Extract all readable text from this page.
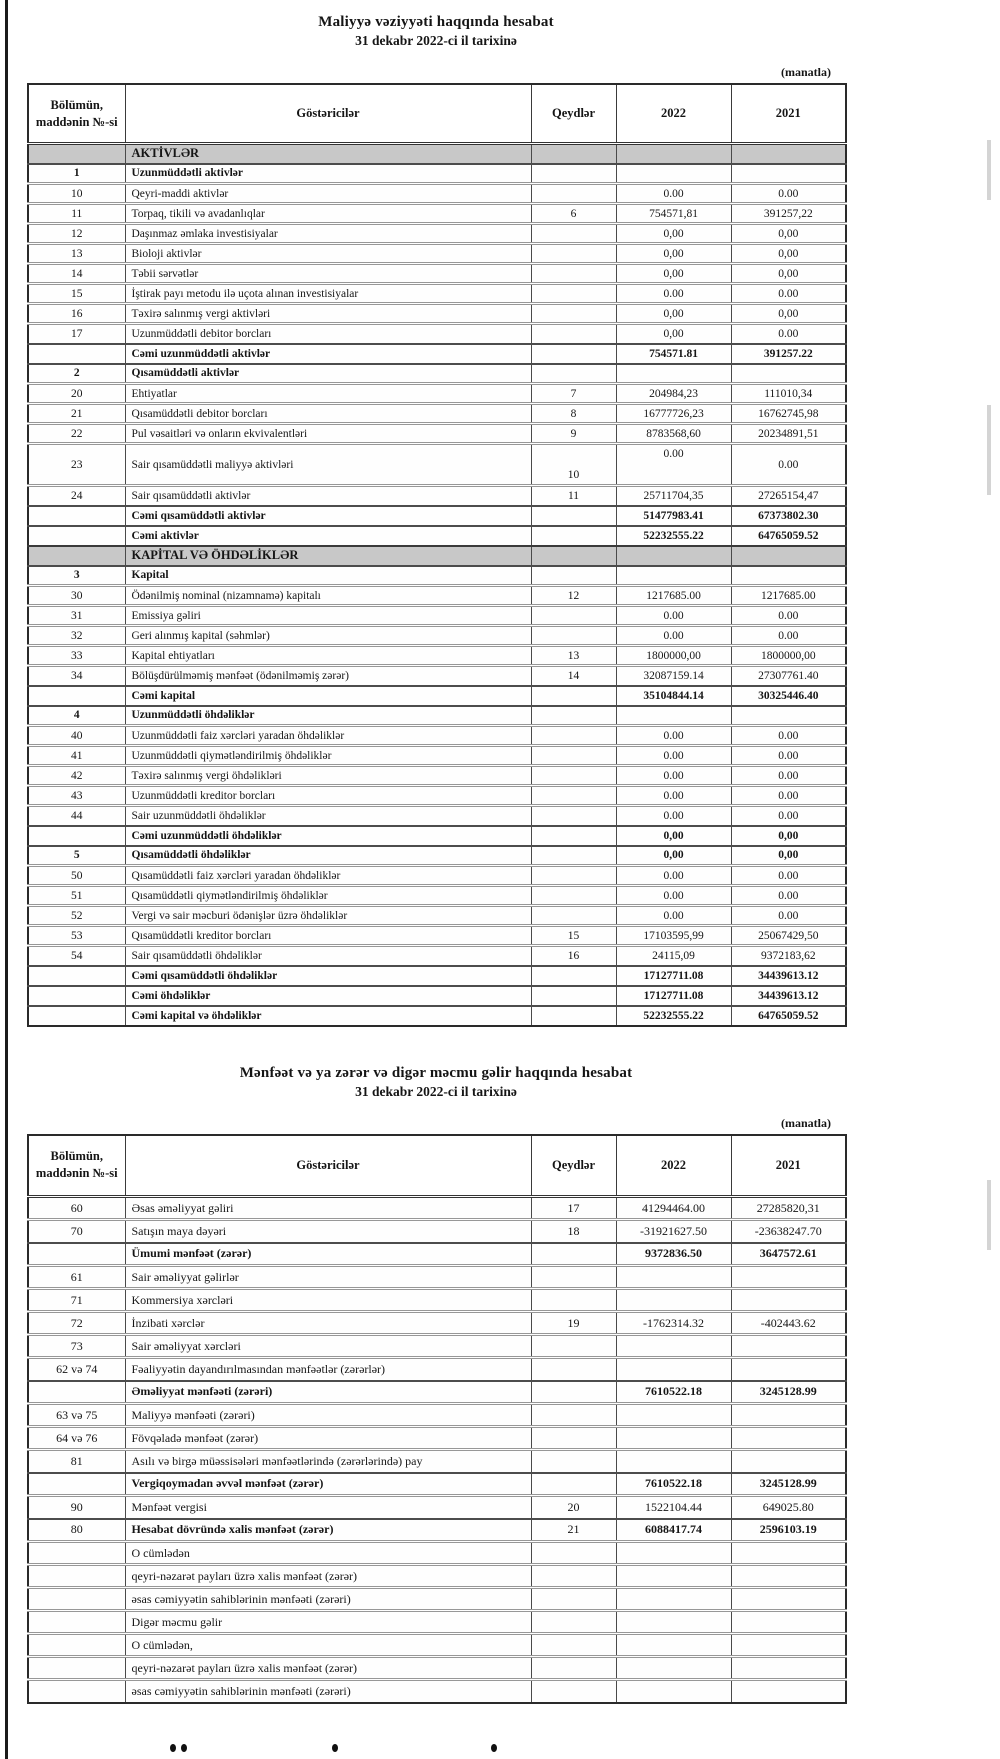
Maliyyə vəziyyəti haqqında hesabat

31 dekabr 2022-ci il tarixinə

(manatla)
Bölümün, maddənin №-si	Göstəricilər	Qeydlər	2022	2021
	AKTİVLƏR			
1	Uzunmüddətli aktivlər			
10	Qeyri-maddi aktivlər		0.00	0.00
11	Torpaq, tikili və avadanlıqlar	6	754571,81	391257,22
12	Daşınmaz əmlaka investisiyalar		0,00	0,00
13	Bioloji aktivlər		0,00	0,00
14	Təbii sərvətlər		0,00	0,00
15	İştirak payı metodu ilə uçota alınan investisiyalar		0.00	0.00
16	Təxirə salınmış vergi aktivləri		0,00	0,00
17	Uzunmüddətli debitor borcları		0,00	0.00
	Cəmi uzunmüddətli aktivlər		754571.81	391257.22
2	Qısamüddətli aktivlər			
20	Ehtiyatlar	7	204984,23	111010,34
21	Qısamüddətli debitor borcları	8	16777726,23	16762745,98
22	Pul vəsaitləri və onların ekvivalentləri	9	8783568,60	20234891,51
23	Sair qısamüddətli maliyyə aktivləri	10	0.00	0.00
24	Sair qısamüddətli aktivlər	11	25711704,35	27265154,47
	Cəmi qısamüddətli aktivlər		51477983.41	67373802.30
	Cəmi aktivlər		52232555.22	64765059.52
	KAPİTAL VƏ ÖHDƏLİKLƏR			
3	Kapital			
30	Ödənilmiş nominal (nizamnamə) kapitalı	12	1217685.00	1217685.00
31	Emissiya gəliri		0.00	0.00
32	Geri alınmış kapital (səhmlər)		0.00	0.00
33	Kapital ehtiyatları	13	1800000,00	1800000,00
34	Bölüşdürülməmiş mənfəət (ödənilməmiş zərər)	14	32087159.14	27307761.40
	Cəmi kapital		35104844.14	30325446.40
4	Uzunmüddətli öhdəliklər			
40	Uzunmüddətli faiz xərcləri yaradan öhdəliklər		0.00	0.00
41	Uzunmüddətli qiymətləndirilmiş öhdəliklər		0.00	0.00
42	Təxirə salınmış vergi öhdəlikləri		0.00	0.00
43	Uzunmüddətli kreditor borcları		0.00	0.00
44	Sair uzunmüddətli öhdəliklər		0.00	0.00
	Cəmi uzunmüddətli öhdəliklər		0,00	0,00
5	Qısamüddətli öhdəliklər		0,00	0,00
50	Qısamüddətli faiz xərcləri yaradan öhdəliklər		0.00	0.00
51	Qısamüddətli qiymətləndirilmiş öhdəliklər		0.00	0.00
52	Vergi və sair məcburi ödənişlər üzrə öhdəliklər		0.00	0.00
53	Qısamüddətli kreditor borcları	15	17103595,99	25067429,50
54	Sair qısamüddətli öhdəliklər	16	24115,09	9372183,62
	Cəmi qısamüddətli öhdəliklər		17127711.08	34439613.12
	Cəmi öhdəliklər		17127711.08	34439613.12
	Cəmi kapital və öhdəliklər		52232555.22	64765059.52

Mənfəət və ya zərər və digər məcmu gəlir haqqında hesabat

31 dekabr 2022-ci il tarixinə

(manatla)
Bölümün, maddənin №-si	Göstəricilər	Qeydlər	2022	2021
60	Əsas əməliyyat gəliri	17	41294464.00	27285820,31
70	Satışın maya dəyəri	18	-31921627.50	-23638247.70
	Ümumi mənfəət (zərər)		9372836.50	3647572.61
61	Sair əməliyyat gəlirlər			
71	Kommersiya xərcləri			
72	İnzibati xərclər	19	-1762314.32	-402443.62
73	Sair əməliyyat xərcləri			
62 və 74	Fəaliyyətin dayandırılmasından mənfəətlər (zərərlər)			
	Əməliyyat mənfəəti (zərəri)		7610522.18	3245128.99
63 və 75	Maliyyə mənfəəti (zərəri)			
64 və 76	Fövqəladə mənfəət (zərər)			
81	Asılı və birgə müəssisələri mənfəətlərində (zərərlərində) pay			
	Vergiqoymadan əvvəl mənfəət (zərər)		7610522.18	3245128.99
90	Mənfəət vergisi	20	1522104.44	649025.80
80	Hesabat dövründə xalis mənfəət (zərər)	21	6088417.74	2596103.19
	O cümlədən			
	qeyri-nəzarət payları üzrə xalis mənfəət (zərər)			
	əsas cəmiyyətin sahiblərinin mənfəəti (zərəri)			
	Digər məcmu gəlir			
	O cümlədən,			
	qeyri-nəzarət payları üzrə xalis mənfəət (zərər)			
	əsas cəmiyyətin sahiblərinin mənfəəti (zərəri)			
